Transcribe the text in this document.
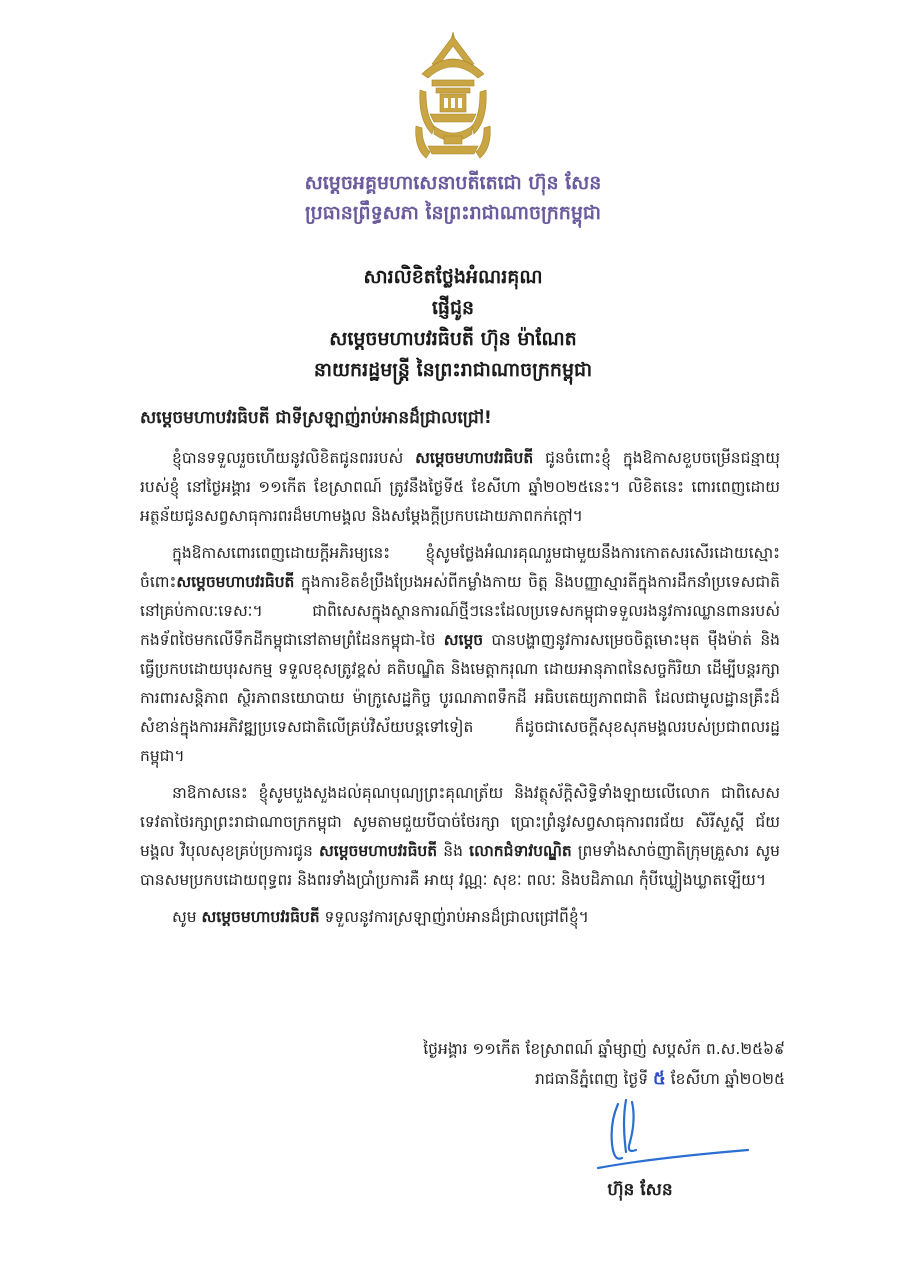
សម្តេចអគ្គមហាសេនាបតីតេជោ ហ៊ុន សែន

ប្រធានព្រឹទ្ធសភា នៃព្រះរាជាណាចក្រកម្ពុជា

សារលិខិតថ្លែងអំណរគុណ

ផ្ញើជូន

សម្តេចមហាបវរធិបតី ហ៊ុន ម៉ាណែត

នាយករដ្ឋមន្ត្រី នៃព្រះរាជាណាចក្រកម្ពុជា

សម្តេចមហាបវរធិបតី ជាទីស្រឡាញ់រាប់អានដ៏ជ្រាលជ្រៅ!

ខ្ញុំបានទទួលរួចហើយនូវលិខិតជូនពររបស់ សម្តេចមហាបវរធិបតី ជូនចំពោះខ្ញុំ ក្នុងឱកាសខួបចម្រើនជន្មាយុរបស់ខ្ញុំ នៅថ្ងៃអង្គារ ១១កើត ខែស្រាពណ៍ ត្រូវនឹងថ្ងៃទី៥ ខែសីហា ឆ្នាំ២០២៥នេះ។ លិខិតនេះ ពោរពេញដោយអត្ថន័យជូនសព្វសាធុការពរដ៏មហាមង្គល និងសម្តែងក្តីប្រកបដោយភាពកក់ក្តៅ។

ក្នុងឱកាសពោរពេញដោយក្តីអភិរម្យនេះ ខ្ញុំសូមថ្លែងអំណរគុណរួមជាមួយនឹងការកោតសរសើរដោយស្មោះចំពោះសម្តេចមហាបវរធិបតី ក្នុងការខិតខំប្រឹងប្រែងអស់ពីកម្លាំងកាយ ចិត្ត និងបញ្ញាស្មារតីក្នុងការដឹកនាំប្រទេសជាតិនៅគ្រប់កាលៈទេសៈ។ ជាពិសេសក្នុងស្ថានការណ៍ថ្មីៗនេះដែលប្រទេសកម្ពុជាទទួលរងនូវការឈ្លានពានរបស់កងទ័ពថៃមកលើទឹកដីកម្ពុជានៅតាមព្រំដែនកម្ពុជា-ថៃ សម្តេច បានបង្ហាញនូវការសម្រេចចិត្តមោះមុត ម៉ឺងម៉ាត់ និងធ្វើប្រកបដោយបុរសកម្ម ទទួលខុសត្រូវខ្ពស់ គតិបណ្ឌិត និងមេត្តាករុណា ដោយអានុភាពនៃសច្ចកិរិយា ដើម្បីបន្តរក្សាការពារសន្តិភាព ស្ថិរភាពនយោបាយ ម៉ាក្រូសេដ្ឋកិច្ច បូរណភាពទឹកដី អធិបតេយ្យភាពជាតិ ដែលជាមូលដ្ឋានគ្រឹះដ៏សំខាន់ក្នុងការអភិវឌ្ឍប្រទេសជាតិលើគ្រប់វិស័យបន្តទៅទៀត ក៏ដូចជាសេចក្តីសុខសុភមង្គលរបស់ប្រជាពលរដ្ឋកម្ពុជា។

នាឱកាសនេះ ខ្ញុំសូមបួងសួងដល់គុណបុណ្យព្រះគុណត្រ័យ និងវត្ថុស័ក្តិសិទ្ធិទាំងឡាយលើលោក ជាពិសេសទេវតាថៃរក្សាព្រះរាជាណាចក្រកម្ពុជា សូមតាមជួយបីបាច់ថែរក្សា ប្រោះព្រំនូវសព្វសាធុការពរជ័យ សិរីសួស្តី ជ័យមង្គល វិបុលសុខគ្រប់ប្រការជូន សម្តេចមហាបវរធិបតី និង លោកជំទាវបណ្ឌិត ព្រមទាំងសាច់ញាតិក្រុមគ្រួសារ សូមបានសមប្រកបដោយពុទ្ធពរ និងពរទាំងប្រាំប្រការគឺ អាយុ វណ្ណៈ សុខៈ ពលៈ និងបដិភាណ កុំបីឃ្លៀងឃ្លាតឡើយ។

សូម សម្តេចមហាបវរធិបតី ទទួលនូវការស្រឡាញ់រាប់អានដ៏ជ្រាលជ្រៅពីខ្ញុំ។

ថ្ងៃអង្គារ ១១កើត ខែស្រាពណ៍ ឆ្នាំម្សាញ់ សប្តស័ក ព.ស.២៥៦៩

រាជធានីភ្នំពេញ ថ្ងៃទី ៥ ខែសីហា ឆ្នាំ២០២៥

ហ៊ុន សែន
